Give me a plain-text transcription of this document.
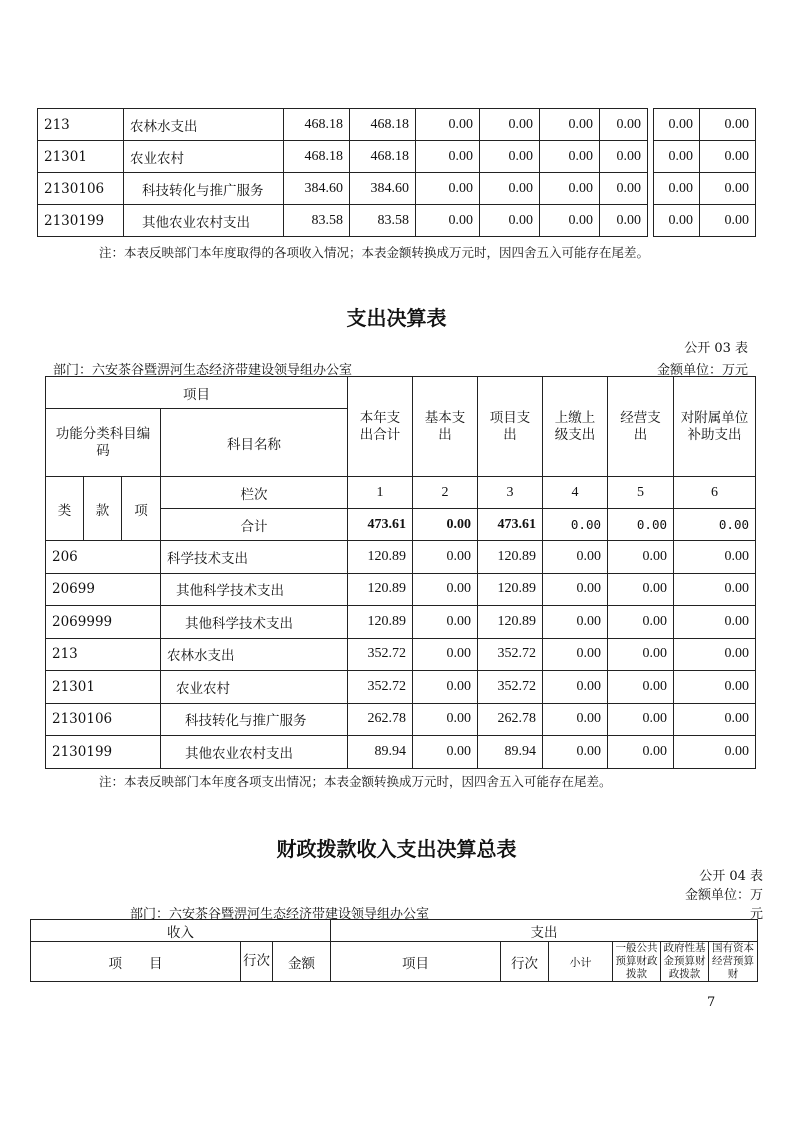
213	农林水支出	468.18	468.18	0.00	0.00	0.00	0.00		0.00	0.00
21301	农业农村	468.18	468.18	0.00	0.00	0.00	0.00		0.00	0.00
2130106	科技转化与推广服务	384.60	384.60	0.00	0.00	0.00	0.00		0.00	0.00
2130199	其他农业农村支出	83.58	83.58	0.00	0.00	0.00	0.00		0.00	0.00
注：本表反映部门本年度取得的各项收入情况；本表金额转换成万元时，因四舍五入可能存在尾差。
支出决算表
公开 03 表
部门：六安茶谷暨淠河生态经济带建设领导组办公室	金额单位：万元
项目				本年支出合计	基本支出	项目支出	上缴上级支出	经营支出	对附属单位补助支出
功能分类科目编码			科目名称						

类	款	项	栏次	1	2	3	4	5	6
			合计	473.61	0.00	473.61	0.00	0.00	0.00
206			科学技术支出	120.89	0.00	120.89	0.00	0.00	0.00
20699			其他科学技术支出	120.89	0.00	120.89	0.00	0.00	0.00
2069999			其他科学技术支出	120.89	0.00	120.89	0.00	0.00	0.00
213			农林水支出	352.72	0.00	352.72	0.00	0.00	0.00
21301			农业农村	352.72	0.00	352.72	0.00	0.00	0.00
2130106			科技转化与推广服务	262.78	0.00	262.78	0.00	0.00	0.00
2130199			其他农业农村支出	89.94	0.00	89.94	0.00	0.00	0.00
注：本表反映部门本年度各项支出情况；本表金额转换成万元时，因四舍五入可能存在尾差。
财政拨款收入支出决算总表
公开 04 表
金额单位：万
元
部门：六安茶谷暨淠河生态经济带建设领导组办公室
收入			支出					
项　　目	行次	金额	项目	行次	小计	一般公共预算财政拨款	政府性基金预算财政拨款	国有资本经营预算财
7
